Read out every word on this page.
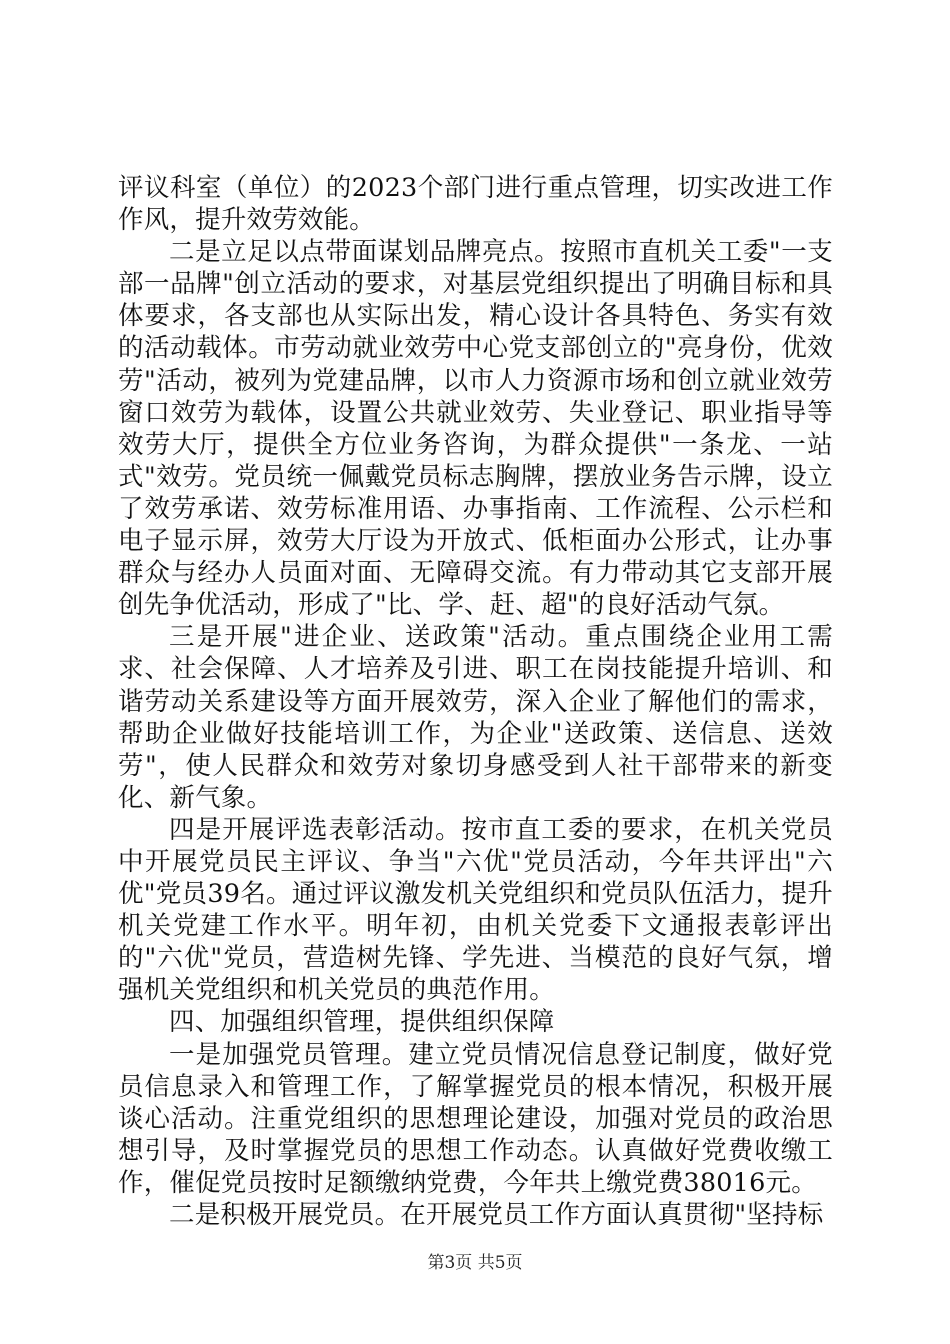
评议科室（单位）的2023个部门进行重点管理，切实改进工作作风，提升效劳效能。

二是立足以点带面谋划品牌亮点。按照市直机关工委"一支部一品牌"创立活动的要求，对基层党组织提出了明确目标和具体要求，各支部也从实际出发，精心设计各具特色、务实有效的活动载体。市劳动就业效劳中心党支部创立的"亮身份，优效劳"活动，被列为党建品牌，以市人力资源市场和创立就业效劳窗口效劳为载体，设置公共就业效劳、失业登记、职业指导等效劳大厅，提供全方位业务咨询，为群众提供"一条龙、一站式"效劳。党员统一佩戴党员标志胸牌，摆放业务告示牌，设立了效劳承诺、效劳标准用语、办事指南、工作流程、公示栏和电子显示屏，效劳大厅设为开放式、低柜面办公形式，让办事群众与经办人员面对面、无障碍交流。有力带动其它支部开展创先争优活动，形成了"比、学、赶、超"的良好活动气氛。

三是开展"进企业、送政策"活动。重点围绕企业用工需求、社会保障、人才培养及引进、职工在岗技能提升培训、和谐劳动关系建设等方面开展效劳，深入企业了解他们的需求，帮助企业做好技能培训工作，为企业"送政策、送信息、送效劳"，使人民群众和效劳对象切身感受到人社干部带来的新变化、新气象。

四是开展评选表彰活动。按市直工委的要求，在机关党员中开展党员民主评议、争当"六优"党员活动，今年共评出"六优"党员39名。通过评议激发机关党组织和党员队伍活力，提升机关党建工作水平。明年初，由机关党委下文通报表彰评出的"六优"党员，营造树先锋、学先进、当模范的良好气氛，增强机关党组织和机关党员的典范作用。

四、加强组织管理，提供组织保障

一是加强党员管理。建立党员情况信息登记制度，做好党员信息录入和管理工作，了解掌握党员的根本情况，积极开展谈心活动。注重党组织的思想理论建设，加强对党员的政治思想引导，及时掌握党员的思想工作动态。认真做好党费收缴工作，催促党员按时足额缴纳党费，今年共上缴党费38016元。

二是积极开展党员。在开展党员工作方面认真贯彻"坚持标

第3页 共5页
